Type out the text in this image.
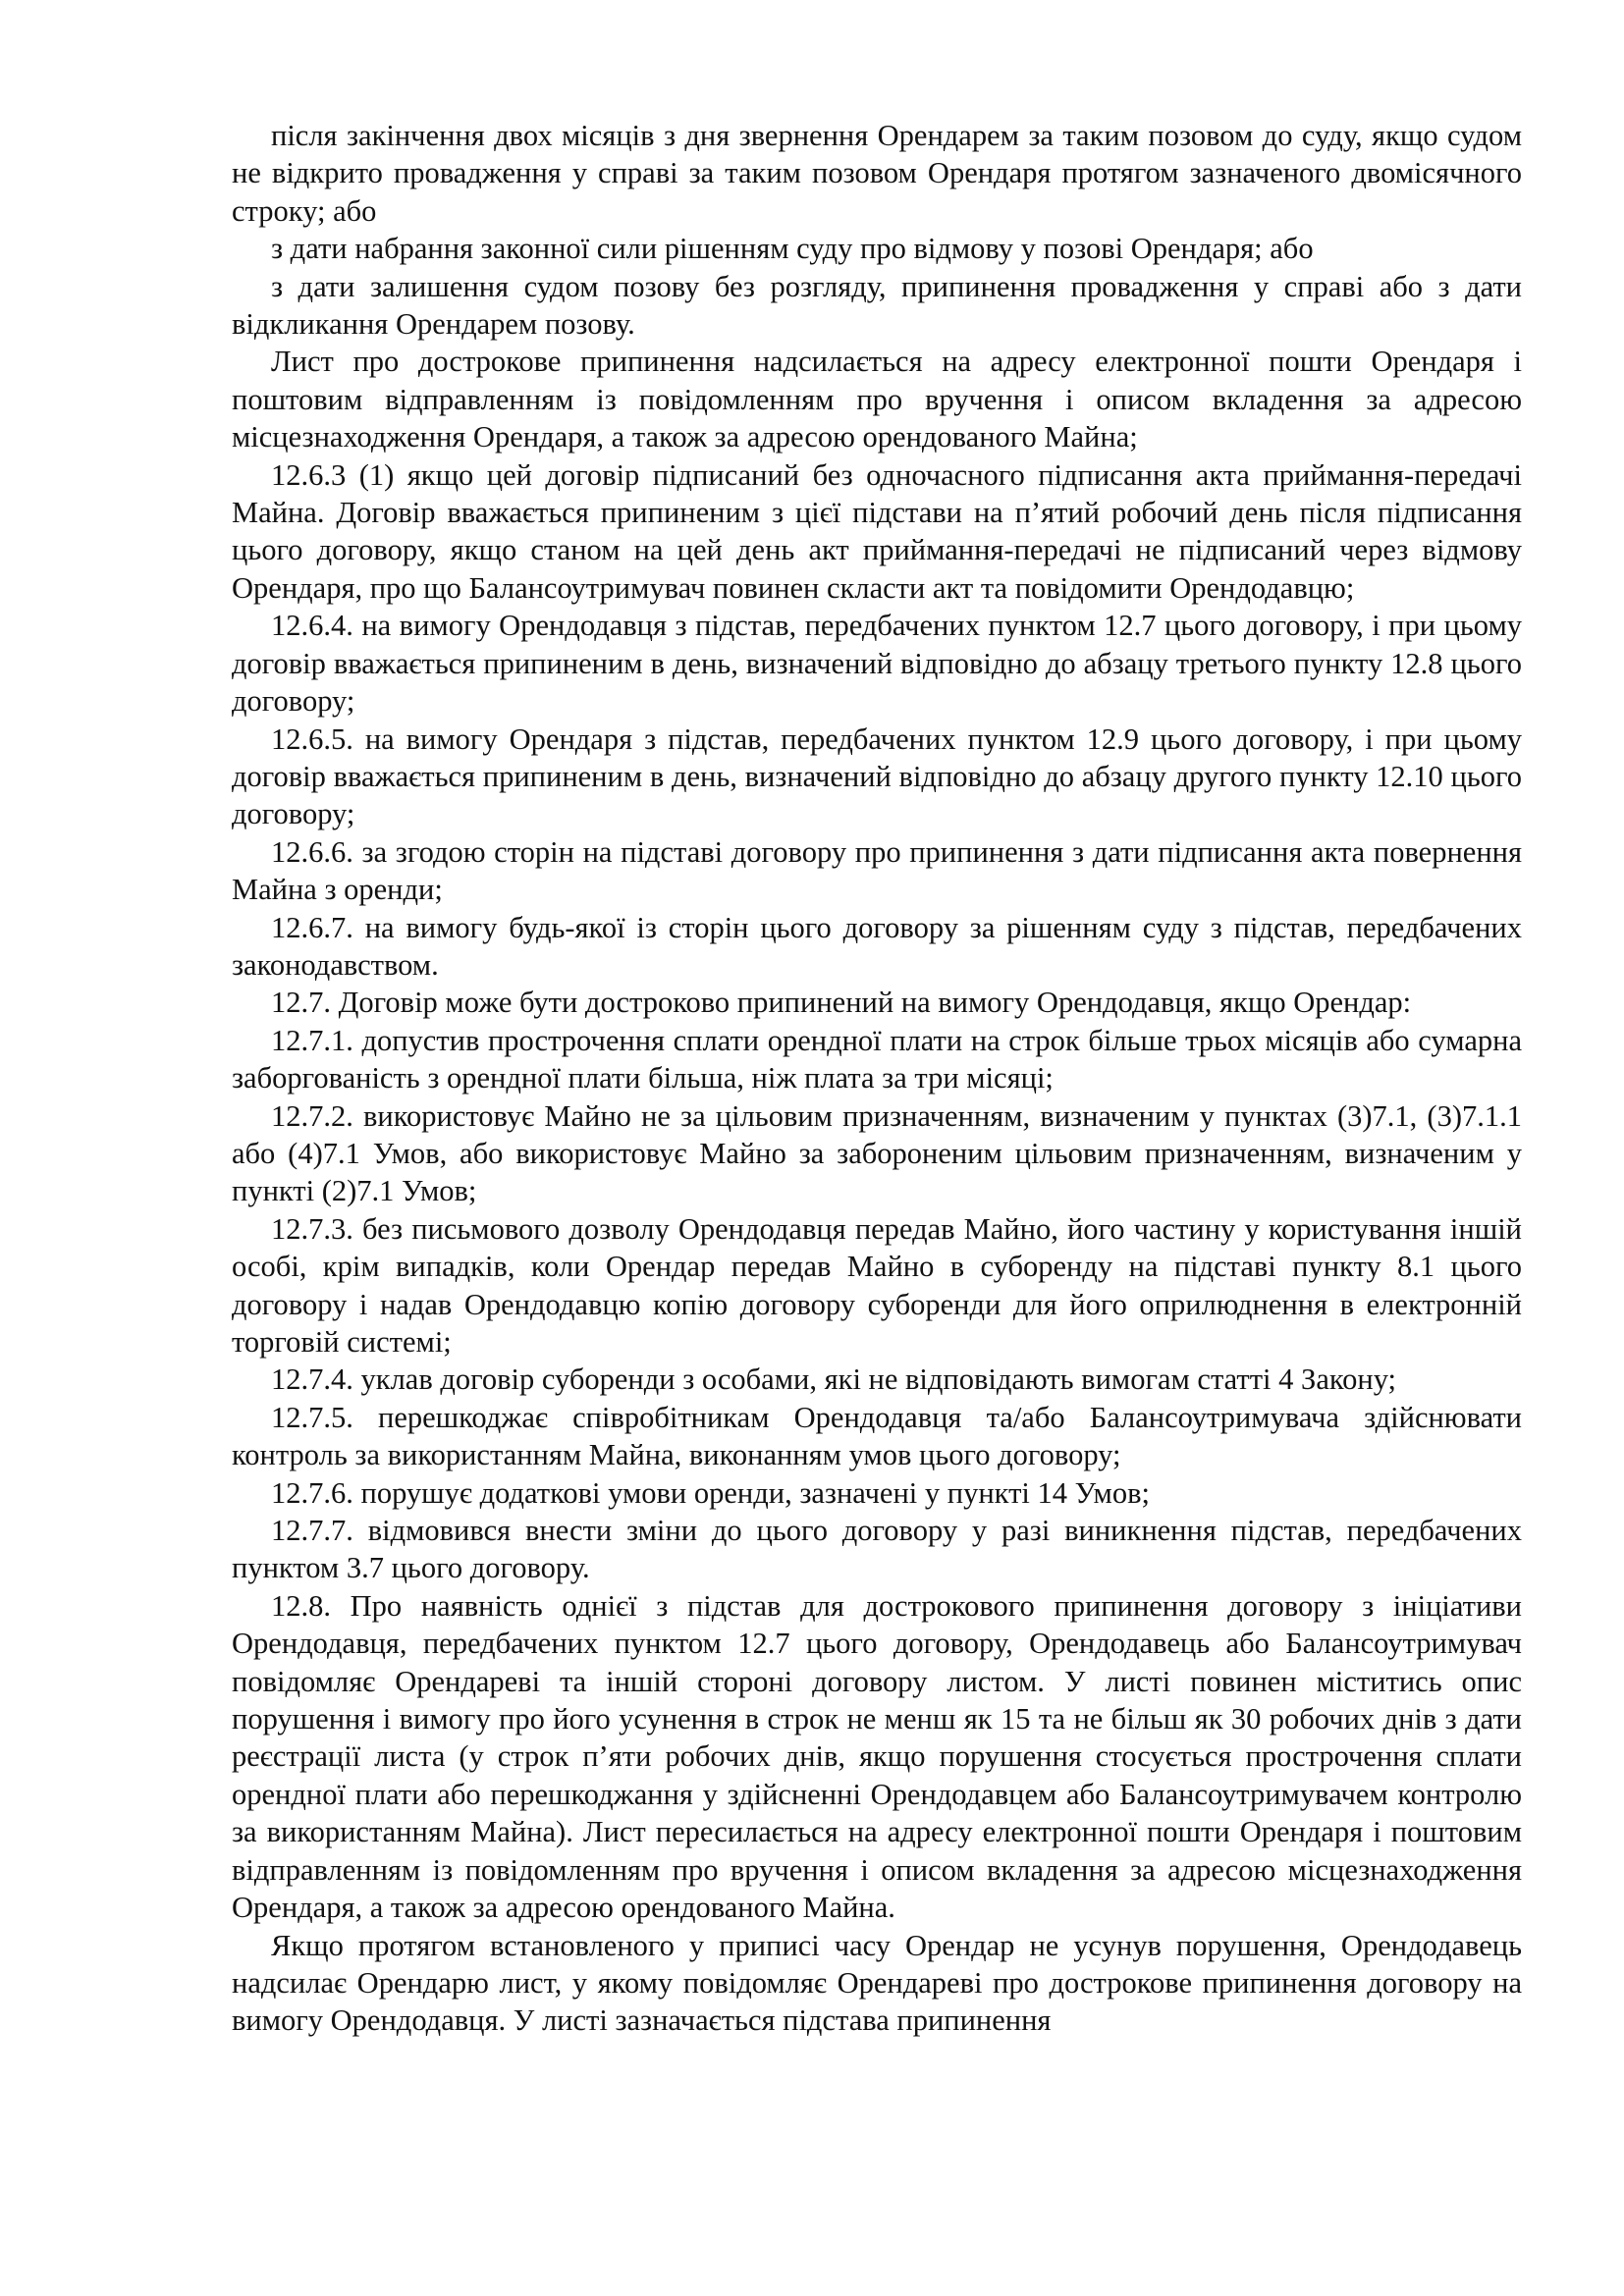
після закінчення двох місяців з дня звернення Орендарем за таким позовом до суду, якщо судом не відкрито провадження у справі за таким позовом Орендаря протягом зазначеного двомісячного строку; або

з дати набрання законної сили рішенням суду про відмову у позові Орендаря; або

з дати залишення судом позову без розгляду, припинення провадження у справі або з дати відкликання Орендарем позову.

Лист про дострокове припинення надсилається на адресу електронної пошти Орендаря і поштовим відправленням із повідомленням про вручення і описом вкладення за адресою місцезнаходження Орендаря, а також за адресою орендованого Майна;

12.6.3 (1) якщо цей договір підписаний без одночасного підписання акта приймання-передачі Майна. Договір вважається припиненим з цієї підстави на п’ятий робочий день після підписання цього договору, якщо станом на цей день акт приймання-передачі не підписаний через відмову Орендаря, про що Балансоутримувач повинен скласти акт та повідомити Орендодавцю;

12.6.4. на вимогу Орендодавця з підстав, передбачених пунктом 12.7 цього договору, і при цьому договір вважається припиненим в день, визначений відповідно до абзацу третього пункту 12.8 цього договору;

12.6.5. на вимогу Орендаря з підстав, передбачених пунктом 12.9 цього договору, і при цьому договір вважається припиненим в день, визначений відповідно до абзацу другого пункту 12.10 цього договору;

12.6.6. за згодою сторін на підставі договору про припинення з дати підписання акта повернення Майна з оренди;

12.6.7. на вимогу будь-якої із сторін цього договору за рішенням суду з підстав, передбачених законодавством.

12.7. Договір може бути достроково припинений на вимогу Орендодавця, якщо Орендар:

12.7.1. допустив прострочення сплати орендної плати на строк більше трьох місяців або сумарна заборгованість з орендної плати більша, ніж плата за три місяці;

12.7.2. використовує Майно не за цільовим призначенням, визначеним у пунктах (3)7.1, (3)7.1.1 або (4)7.1 Умов, або використовує Майно за забороненим цільовим призначенням, визначеним у пункті (2)7.1 Умов;

12.7.3. без письмового дозволу Орендодавця передав Майно, його частину у користування іншій особі, крім випадків, коли Орендар передав Майно в суборенду на підставі пункту 8.1 цього договору і надав Орендодавцю копію договору суборенди для його оприлюднення в електронній торговій системі;

12.7.4. уклав договір суборенди з особами, які не відповідають вимогам статті 4 Закону;

12.7.5. перешкоджає співробітникам Орендодавця та/або Балансоутримувача здійснювати контроль за використанням Майна, виконанням умов цього договору;

12.7.6. порушує додаткові умови оренди, зазначені у пункті 14 Умов;

12.7.7. відмовився внести зміни до цього договору у разі виникнення підстав, передбачених пунктом 3.7 цього договору.

12.8. Про наявність однієї з підстав для дострокового припинення договору з ініціативи Орендодавця, передбачених пунктом 12.7 цього договору, Орендодавець або Балансоутримувач повідомляє Орендареві та іншій стороні договору листом. У листі повинен міститись опис порушення і вимогу про його усунення в строк не менш як 15 та не більш як 30 робочих днів з дати реєстрації листа (у строк п’яти робочих днів, якщо порушення стосується прострочення сплати орендної плати або перешкоджання у здійсненні Орендодавцем або Балансоутримувачем контролю за використанням Майна). Лист пересилається на адресу електронної пошти Орендаря і поштовим відправленням із повідомленням про вручення і описом вкладення за адресою місцезнаходження Орендаря, а також за адресою орендованого Майна.

Якщо протягом встановленого у приписі часу Орендар не усунув порушення, Орендодавець надсилає Орендарю лист, у якому повідомляє Орендареві про дострокове припинення договору на вимогу Орендодавця. У листі зазначається підстава припинення
